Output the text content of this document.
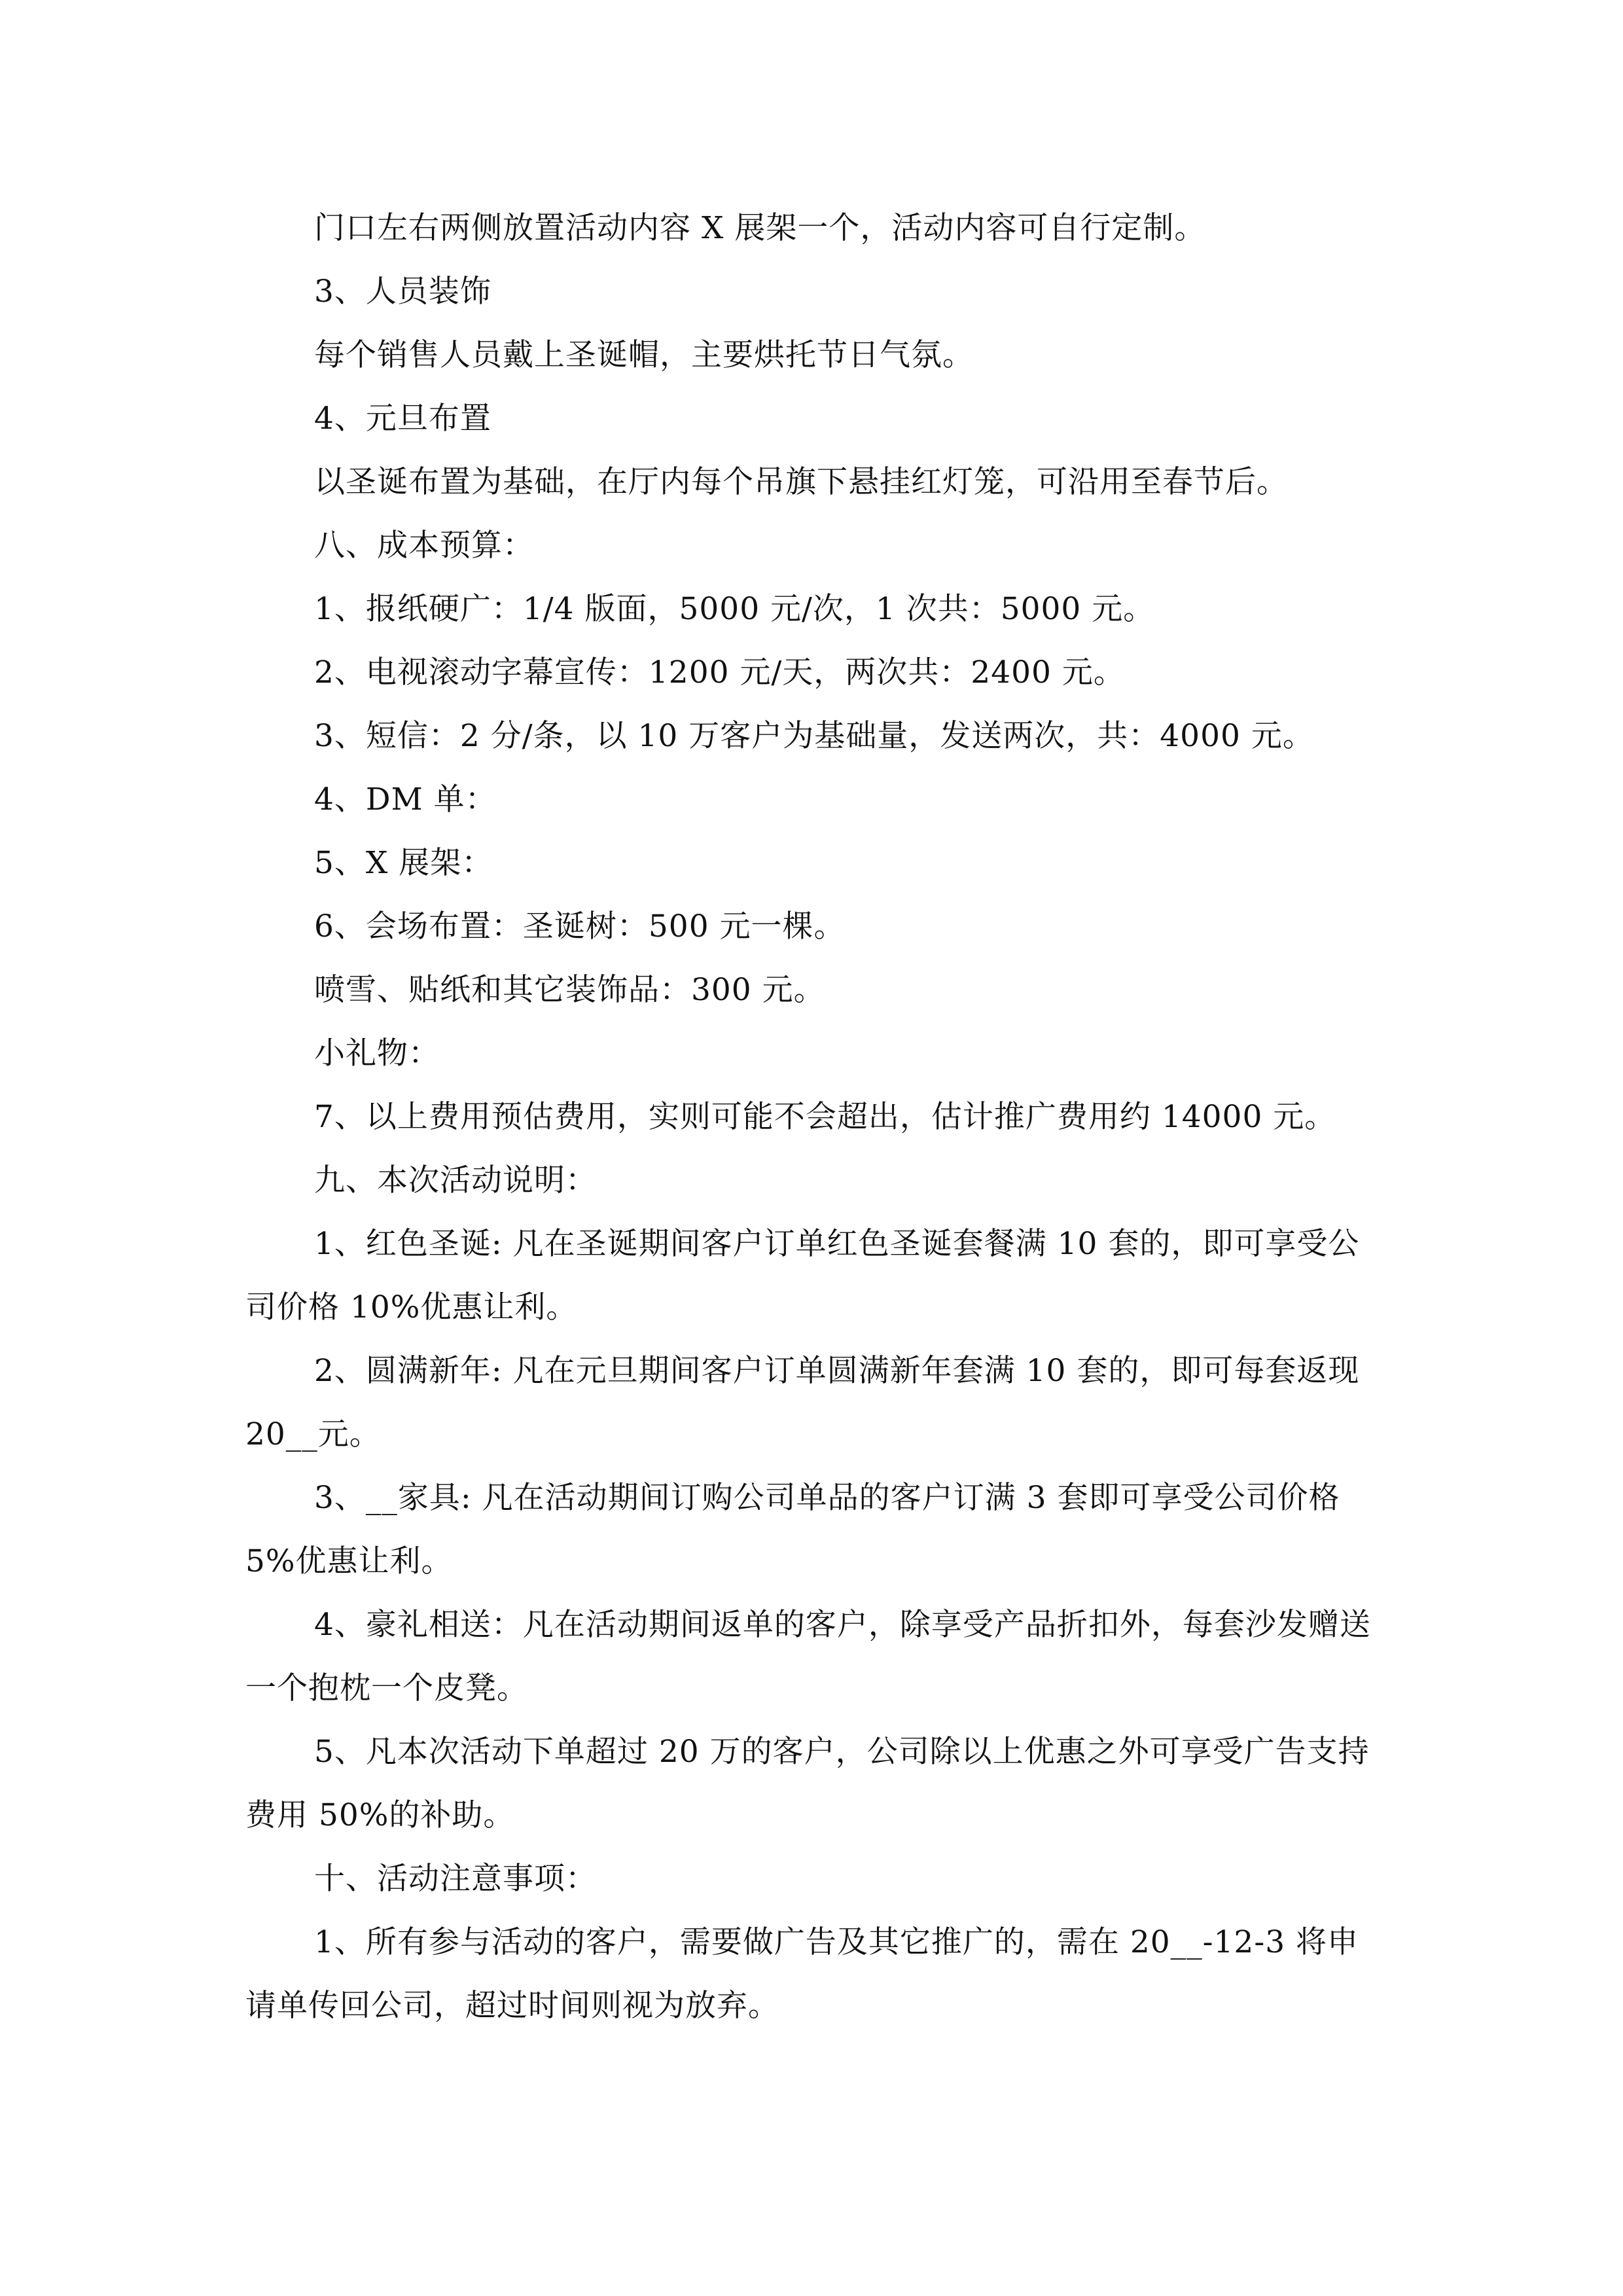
门口左右两侧放置活动内容 X 展架一个，活动内容可自行定制。

3、人员装饰

每个销售人员戴上圣诞帽，主要烘托节日气氛。

4、元旦布置

以圣诞布置为基础，在厅内每个吊旗下悬挂红灯笼，可沿用至春节后。

八、成本预算：

1、报纸硬广：1/4 版面，5000 元/次，1 次共：5000 元。

2、电视滚动字幕宣传：1200 元/天，两次共：2400 元。

3、短信：2 分/条，以 10 万客户为基础量，发送两次，共：4000 元。

4、DM 单：

5、X 展架：

6、会场布置：圣诞树：500 元一棵。

喷雪、贴纸和其它装饰品：300 元。

小礼物：

7、以上费用预估费用，实则可能不会超出，估计推广费用约 14000 元。

九、本次活动说明：

1、红色圣诞: 凡在圣诞期间客户订单红色圣诞套餐满 10 套的，即可享受公司价格 10%优惠让利。

2、圆满新年: 凡在元旦期间客户订单圆满新年套满 10 套的，即可每套返现 20__元。

3、__家具: 凡在活动期间订购公司单品的客户订满 3 套即可享受公司价格 5%优惠让利。

4、豪礼相送：凡在活动期间返单的客户，除享受产品折扣外，每套沙发赠送一个抱枕一个皮凳。

5、凡本次活动下单超过 20 万的客户，公司除以上优惠之外可享受广告支持费用 50%的补助。

十、活动注意事项：

1、所有参与活动的客户，需要做广告及其它推广的，需在 20__-12-3 将申请单传回公司，超过时间则视为放弃。
